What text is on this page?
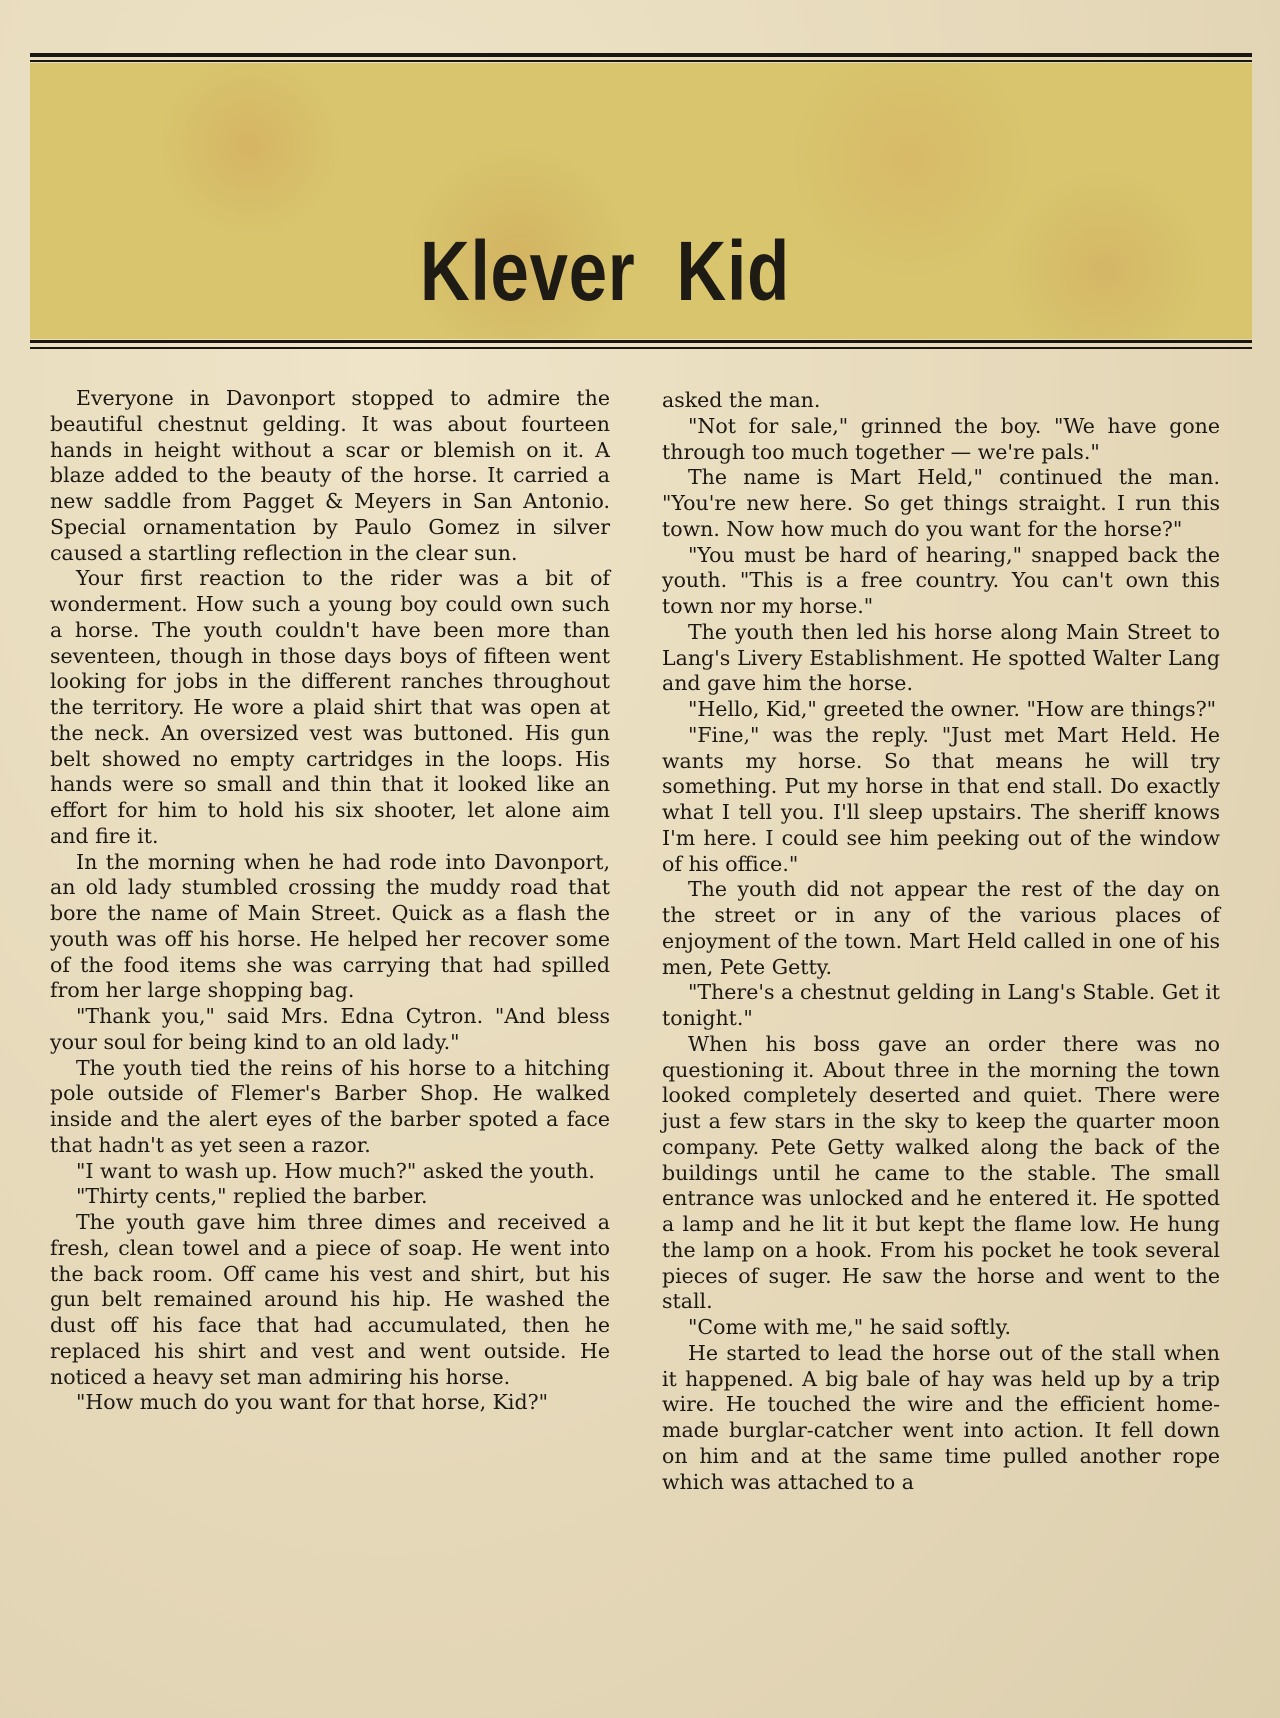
Klever Kid

Everyone in Davonport stopped to admire the beautiful chestnut gelding. It was about fourteen hands in height without a scar or blemish on it. A blaze added to the beauty of the horse. It carried a new saddle from Pagget & Meyers in San Antonio. Special ornamentation by Paulo Gomez in silver caused a startling reflection in the clear sun.

Your first reaction to the rider was a bit of wonderment. How such a young boy could own such a horse. The youth couldn't have been more than seventeen, though in those days boys of fifteen went looking for jobs in the different ranches throughout the territory. He wore a plaid shirt that was open at the neck. An oversized vest was buttoned. His gun belt showed no empty cartridges in the loops. His hands were so small and thin that it looked like an effort for him to hold his six shooter, let alone aim and fire it.

In the morning when he had rode into Davonport, an old lady stumbled crossing the muddy road that bore the name of Main Street. Quick as a flash the youth was off his horse. He helped her recover some of the food items she was carrying that had spilled from her large shopping bag.

"Thank you," said Mrs. Edna Cytron. "And bless your soul for being kind to an old lady."

The youth tied the reins of his horse to a hitching pole outside of Flemer's Barber Shop. He walked inside and the alert eyes of the barber spoted a face that hadn't as yet seen a razor.

"I want to wash up. How much?" asked the youth.

"Thirty cents," replied the barber.

The youth gave him three dimes and received a fresh, clean towel and a piece of soap. He went into the back room. Off came his vest and shirt, but his gun belt remained around his hip. He washed the dust off his face that had accumulated, then he replaced his shirt and vest and went outside. He noticed a heavy set man admiring his horse.

"How much do you want for that horse, Kid?"

asked the man.

"Not for sale," grinned the boy. "We have gone through too much together — we're pals."

The name is Mart Held," continued the man. "You're new here. So get things straight. I run this town. Now how much do you want for the horse?"

"You must be hard of hearing," snapped back the youth. "This is a free country. You can't own this town nor my horse."

The youth then led his horse along Main Street to Lang's Livery Establishment. He spotted Walter Lang and gave him the horse.

"Hello, Kid," greeted the owner. "How are things?"

"Fine," was the reply. "Just met Mart Held. He wants my horse. So that means he will try something. Put my horse in that end stall. Do exactly what I tell you. I'll sleep upstairs. The sheriff knows I'm here. I could see him peeking out of the window of his office."

The youth did not appear the rest of the day on the street or in any of the various places of enjoyment of the town. Mart Held called in one of his men, Pete Getty.

"There's a chestnut gelding in Lang's Stable. Get it tonight."

When his boss gave an order there was no questioning it. About three in the morning the town looked completely deserted and quiet. There were just a few stars in the sky to keep the quarter moon company. Pete Getty walked along the back of the buildings until he came to the stable. The small entrance was unlocked and he entered it. He spotted a lamp and he lit it but kept the flame low. He hung the lamp on a hook. From his pocket he took several pieces of suger. He saw the horse and went to the stall.

"Come with me," he said softly.

He started to lead the horse out of the stall when it happened. A big bale of hay was held up by a trip wire. He touched the wire and the efficient home-made burglar-catcher went into action. It fell down on him and at the same time pulled another rope which was attached to a
